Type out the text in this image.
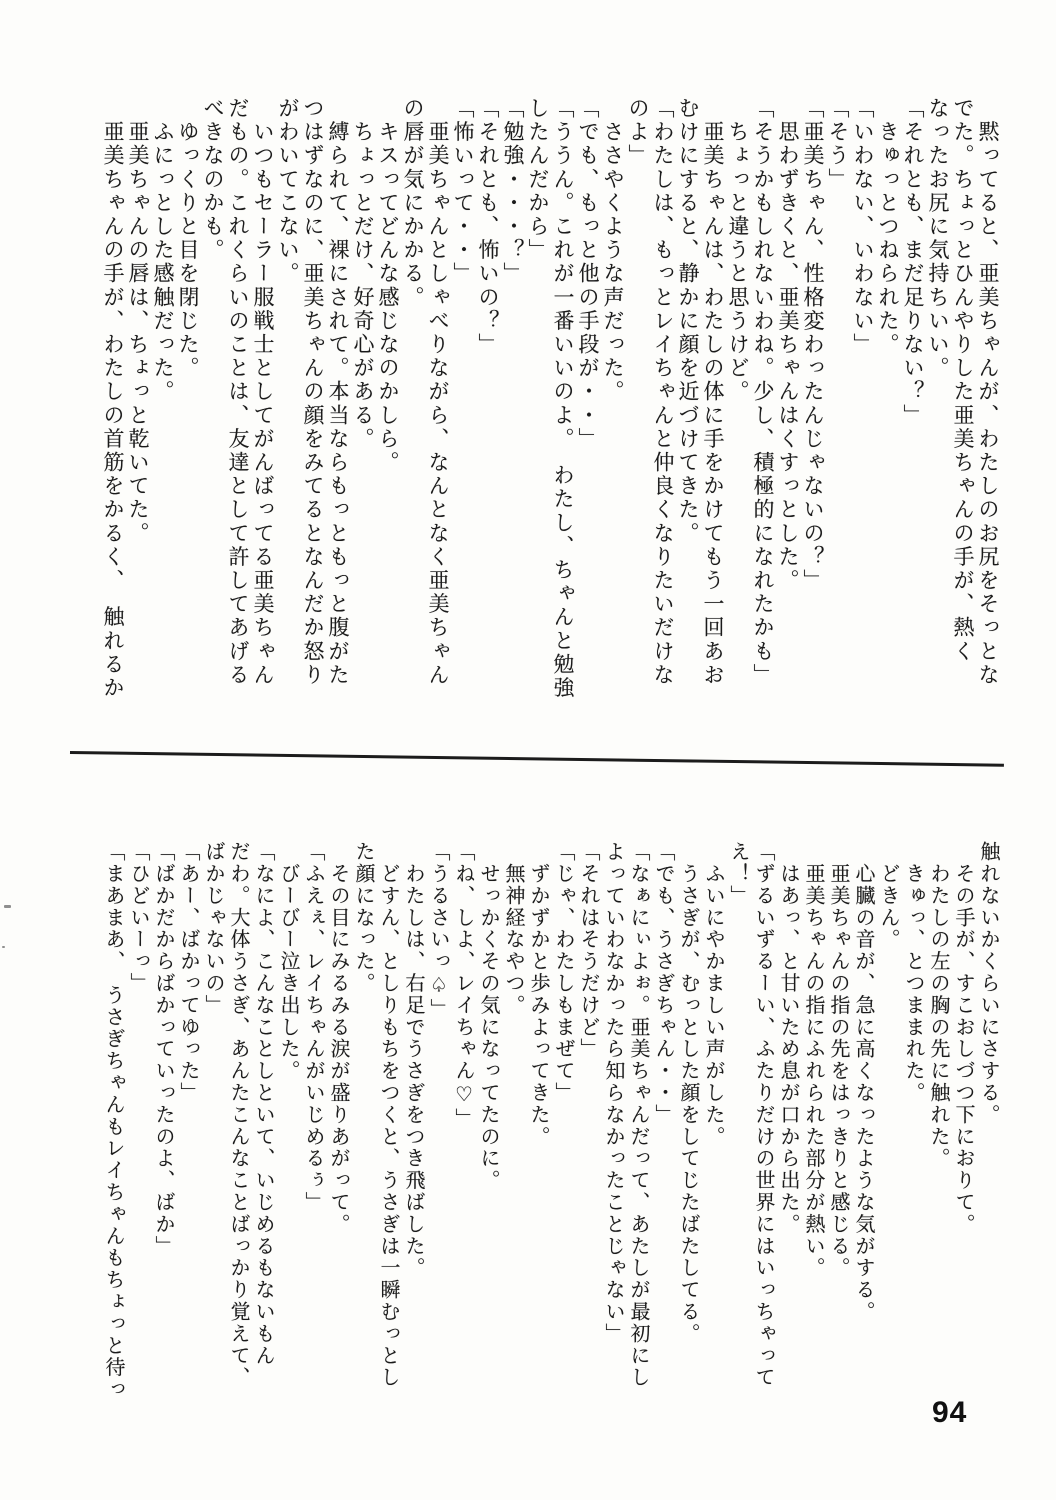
　黙ってると、亜美ちゃんが、わたしのお尻をそっとな
でた。ちょっとひんやりした亜美ちゃんの手が、熱く
なったお尻に気持ちいい。
「それとも、まだ足りない？」
　きゅっとつねられた。
「いわない、いわない」
「そう」
「亜美ちゃん、性格変わったんじゃないの？」
　思わずきくと、亜美ちゃんはくすっとした。
「そうかもしれないわね。少し、積極的になれたかも」
　ちょっと違うと思うけど。
　亜美ちゃんは、わたしの体に手をかけてもう一回あお
むけにすると、静かに顔を近づけてきた。
「わたしは、もっとレイちゃんと仲良くなりたいだけな
のよ」
　ささやくような声だった。
「でも、もっと他の手段が・・」
「ううん。これが一番いいのよ。　わたし、ちゃんと勉強
したんだから」
「勉強・・・？」
「それとも、怖いの？」
「怖いって・・」
　亜美ちゃんとしゃべりながら、なんとなく亜美ちゃん
の唇が気にかかる。
　キスってどんな感じなのかしら。
　ちょっとだけ、好奇心がある。
　縛られて、裸にされて。本当ならもっともっと腹がた
つはずなのに、亜美ちゃんの顔をみてるとなんだか怒り
がわいてこない。
　いつもセーラー服戦士としてがんばってる亜美ちゃん
だもの。これくらいのことは、友達として許してあげる
べきなのかも。
　ゆっくりと目を閉じた。
　ふにっとした感触だった。
　亜美ちゃんの唇は、ちょっと乾いてた。
　亜美ちゃんの手が、わたしの首筋をかるく、　触れるか
触れないかくらいにさする。
　その手が、すこおしづつ下におりて。
　わたしの左の胸の先に触れた。
　きゅっ、とつままれた。
　どきん。
　心臓の音が、急に高くなったような気がする。
　亜美ちゃんの指の先をはっきりと感じる。
　亜美ちゃんの指にふれられた部分が熱い。
　はあっ、と甘いため息が口から出た。
「ずるいずるーい、ふたりだけの世界にはいっちゃって
え！」
　ふいにやかましい声がした。
　うさぎが、むっとした顔をしてじたばたしてる。
「でも、うさぎちゃん・・」
「なぁにぃよぉ。亜美ちゃんだって、あたしが最初にし
よっていわなかったら知らなかったことじゃない」
「それはそうだけど」
「じゃ、わたしもまぜて」
　ずかずかと歩みよってきた。
　無神経なやつ。
　せっかくその気になってたのに。
「ね、しよ、レイちゃん♡」
「うるさいっ♤」
　わたしは、右足でうさぎをつき飛ばした。
　どすん、としりもちをつくと、うさぎは一瞬むっとし
た顔になった。
　その目にみるみる涙が盛りあがって。
「ふえぇ、レイちゃんがいじめるぅ」
　びーびー泣き出した。
「なによ、こんなことしといて、いじめるもないもん
だわ。大体うさぎ、あんたこんなことばっかり覚えて、
ばかじゃないの」
「あー、ばかってゆった」
「ばかだからばかっていったのよ、ばか」
「ひどいーっ」
「まあまあ、　うさぎちゃんもレイちゃんもちょっと待っ
94
